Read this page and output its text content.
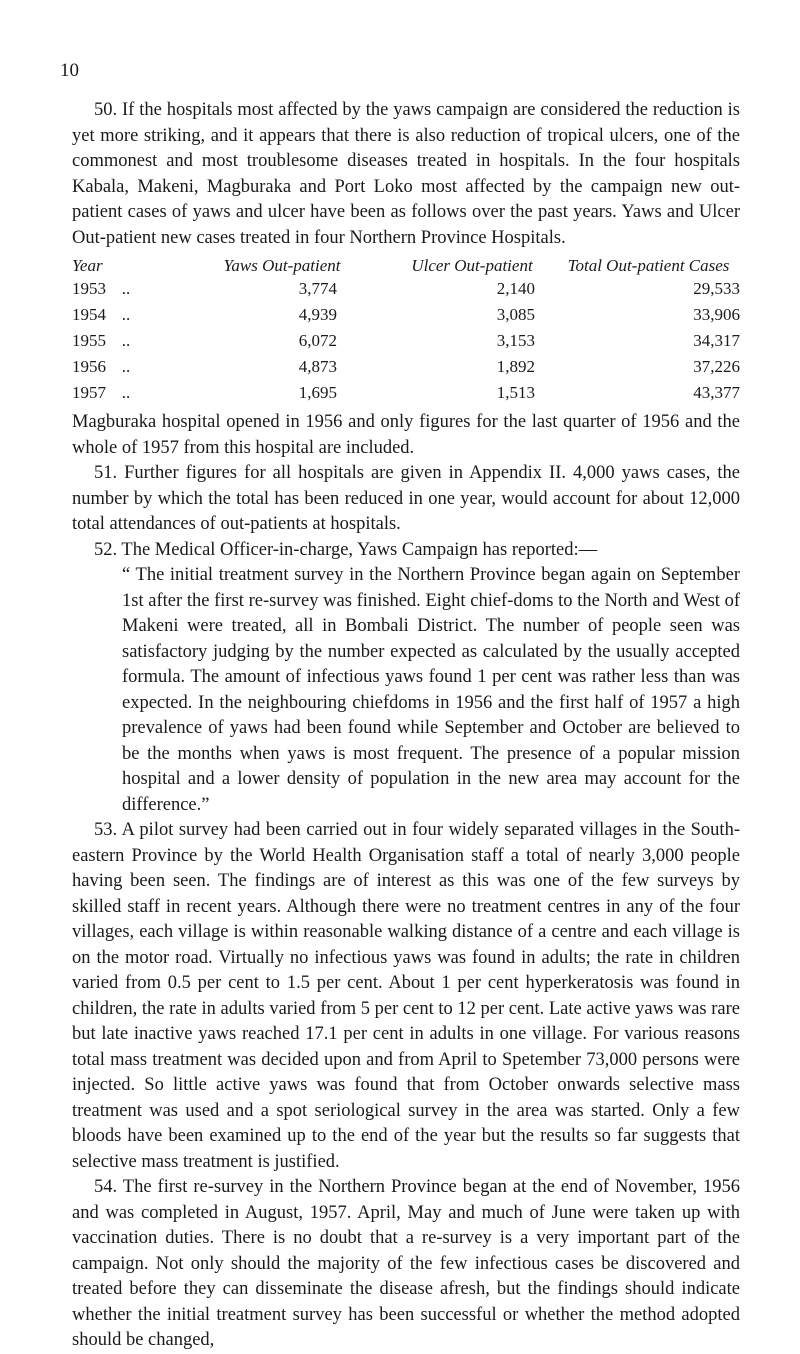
10

50. If the hospitals most affected by the yaws campaign are considered the reduction is yet more striking, and it appears that there is also reduction of tropical ulcers, one of the commonest and most troublesome diseases treated in hospitals. In the four hospitals Kabala, Makeni, Magburaka and Port Loko most affected by the campaign new out-patient cases of yaws and ulcer have been as follows over the past years. Yaws and Ulcer Out-patient new cases treated in four Northern Province Hospitals.

Year	Yaws Out-patient	Ulcer Out-patient	Total Out-patient Cases
1953 ..	3,774	2,140	29,533
1954 ..	4,939	3,085	33,906
1955 ..	6,072	3,153	34,317
1956 ..	4,873	1,892	37,226
1957 ..	1,695	1,513	43,377

Magburaka hospital opened in 1956 and only figures for the last quarter of 1956 and the whole of 1957 from this hospital are included.

51. Further figures for all hospitals are given in Appendix II. 4,000 yaws cases, the number by which the total has been reduced in one year, would account for about 12,000 total attendances of out-patients at hospitals.

52. The Medical Officer-in-charge, Yaws Campaign has reported:—

“ The initial treatment survey in the Northern Province began again on September 1st after the first re-survey was finished. Eight chief-doms to the North and West of Makeni were treated, all in Bombali District. The number of people seen was satisfactory judging by the number expected as calculated by the usually accepted formula. The amount of infectious yaws found 1 per cent was rather less than was expected. In the neighbouring chiefdoms in 1956 and the first half of 1957 a high prevalence of yaws had been found while September and October are believed to be the months when yaws is most frequent. The presence of a popular mission hospital and a lower density of population in the new area may account for the difference.”

53. A pilot survey had been carried out in four widely separated villages in the South-eastern Province by the World Health Organisation staff a total of nearly 3,000 people having been seen. The findings are of interest as this was one of the few surveys by skilled staff in recent years. Although there were no treatment centres in any of the four villages, each village is within reasonable walking distance of a centre and each village is on the motor road. Virtually no infectious yaws was found in adults; the rate in children varied from 0.5 per cent to 1.5 per cent. About 1 per cent hyperkeratosis was found in children, the rate in adults varied from 5 per cent to 12 per cent. Late active yaws was rare but late inactive yaws reached 17.1 per cent in adults in one village. For various reasons total mass treatment was decided upon and from April to Spetember 73,000 persons were injected. So little active yaws was found that from October onwards selective mass treatment was used and a spot seriological survey in the area was started. Only a few bloods have been examined up to the end of the year but the results so far suggests that selective mass treatment is justified.

54. The first re-survey in the Northern Province began at the end of November, 1956 and was completed in August, 1957. April, May and much of June were taken up with vaccination duties. There is no doubt that a re-survey is a very important part of the campaign. Not only should the majority of the few infectious cases be discovered and treated before they can disseminate the disease afresh, but the findings should indicate whether the initial treatment survey has been successful or whether the method adopted should be changed,
